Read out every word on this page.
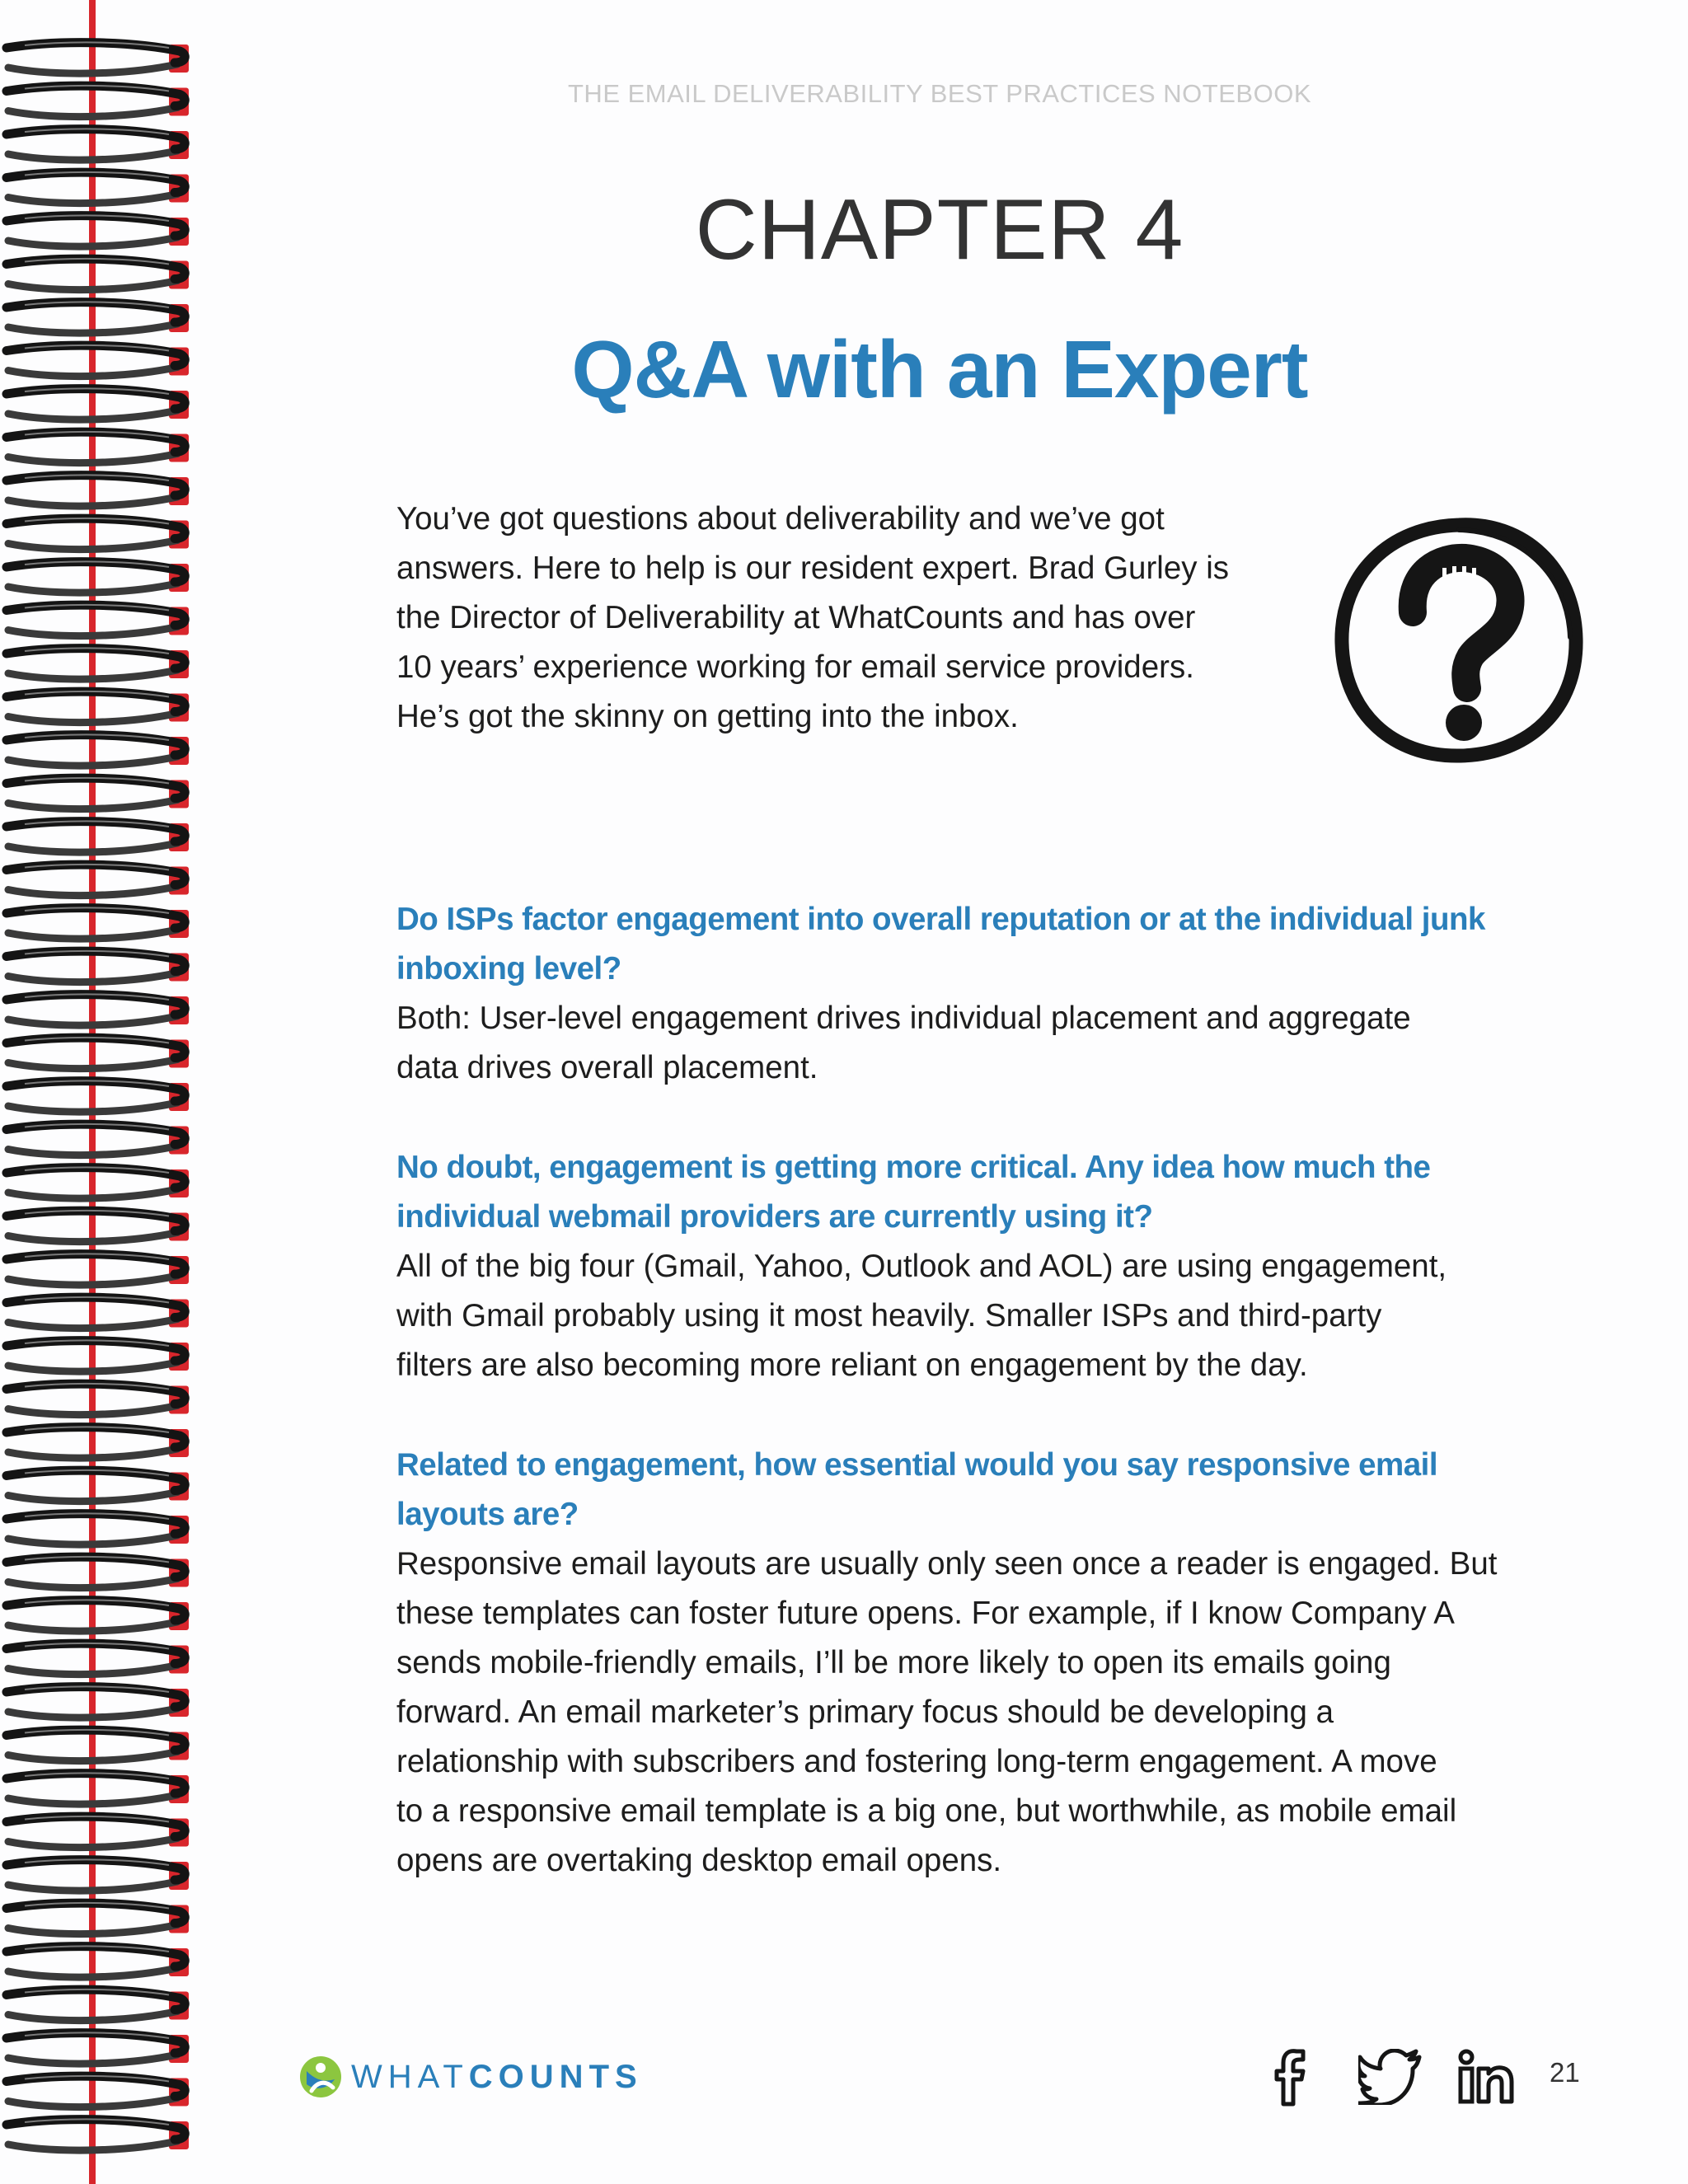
THE EMAIL DELIVERABILITY BEST PRACTICES NOTEBOOK
CHAPTER 4
Q&A with an Expert
You’ve got questions about deliverability and we’ve got
answers. Here to help is our resident expert. Brad Gurley is
the Director of Deliverability at WhatCounts and has over
10 years’ experience working for email service providers.
He’s got the skinny on getting into the inbox.
Do ISPs factor engagement into overall reputation or at the individual junk
inboxing level?
Both: User-level engagement drives individual placement and aggregate
data drives overall placement.
No doubt, engagement is getting more critical. Any idea how much the
individual webmail providers are currently using it?
All of the big four (Gmail, Yahoo, Outlook and AOL) are using engagement,
with Gmail probably using it most heavily. Smaller ISPs and third-party
filters are also becoming more reliant on engagement by the day.
Related to engagement, how essential would you say responsive email
layouts are?
Responsive email layouts are usually only seen once a reader is engaged. But
these templates can foster future opens. For example, if I know Company A
sends mobile-friendly emails, I’ll be more likely to open its emails going
forward. An email marketer’s primary focus should be developing a
relationship with subscribers and fostering long-term engagement. A move
to a responsive email template is a big one, but worthwhile, as mobile email
opens are overtaking desktop email opens.
WHAT COUNTS	21
